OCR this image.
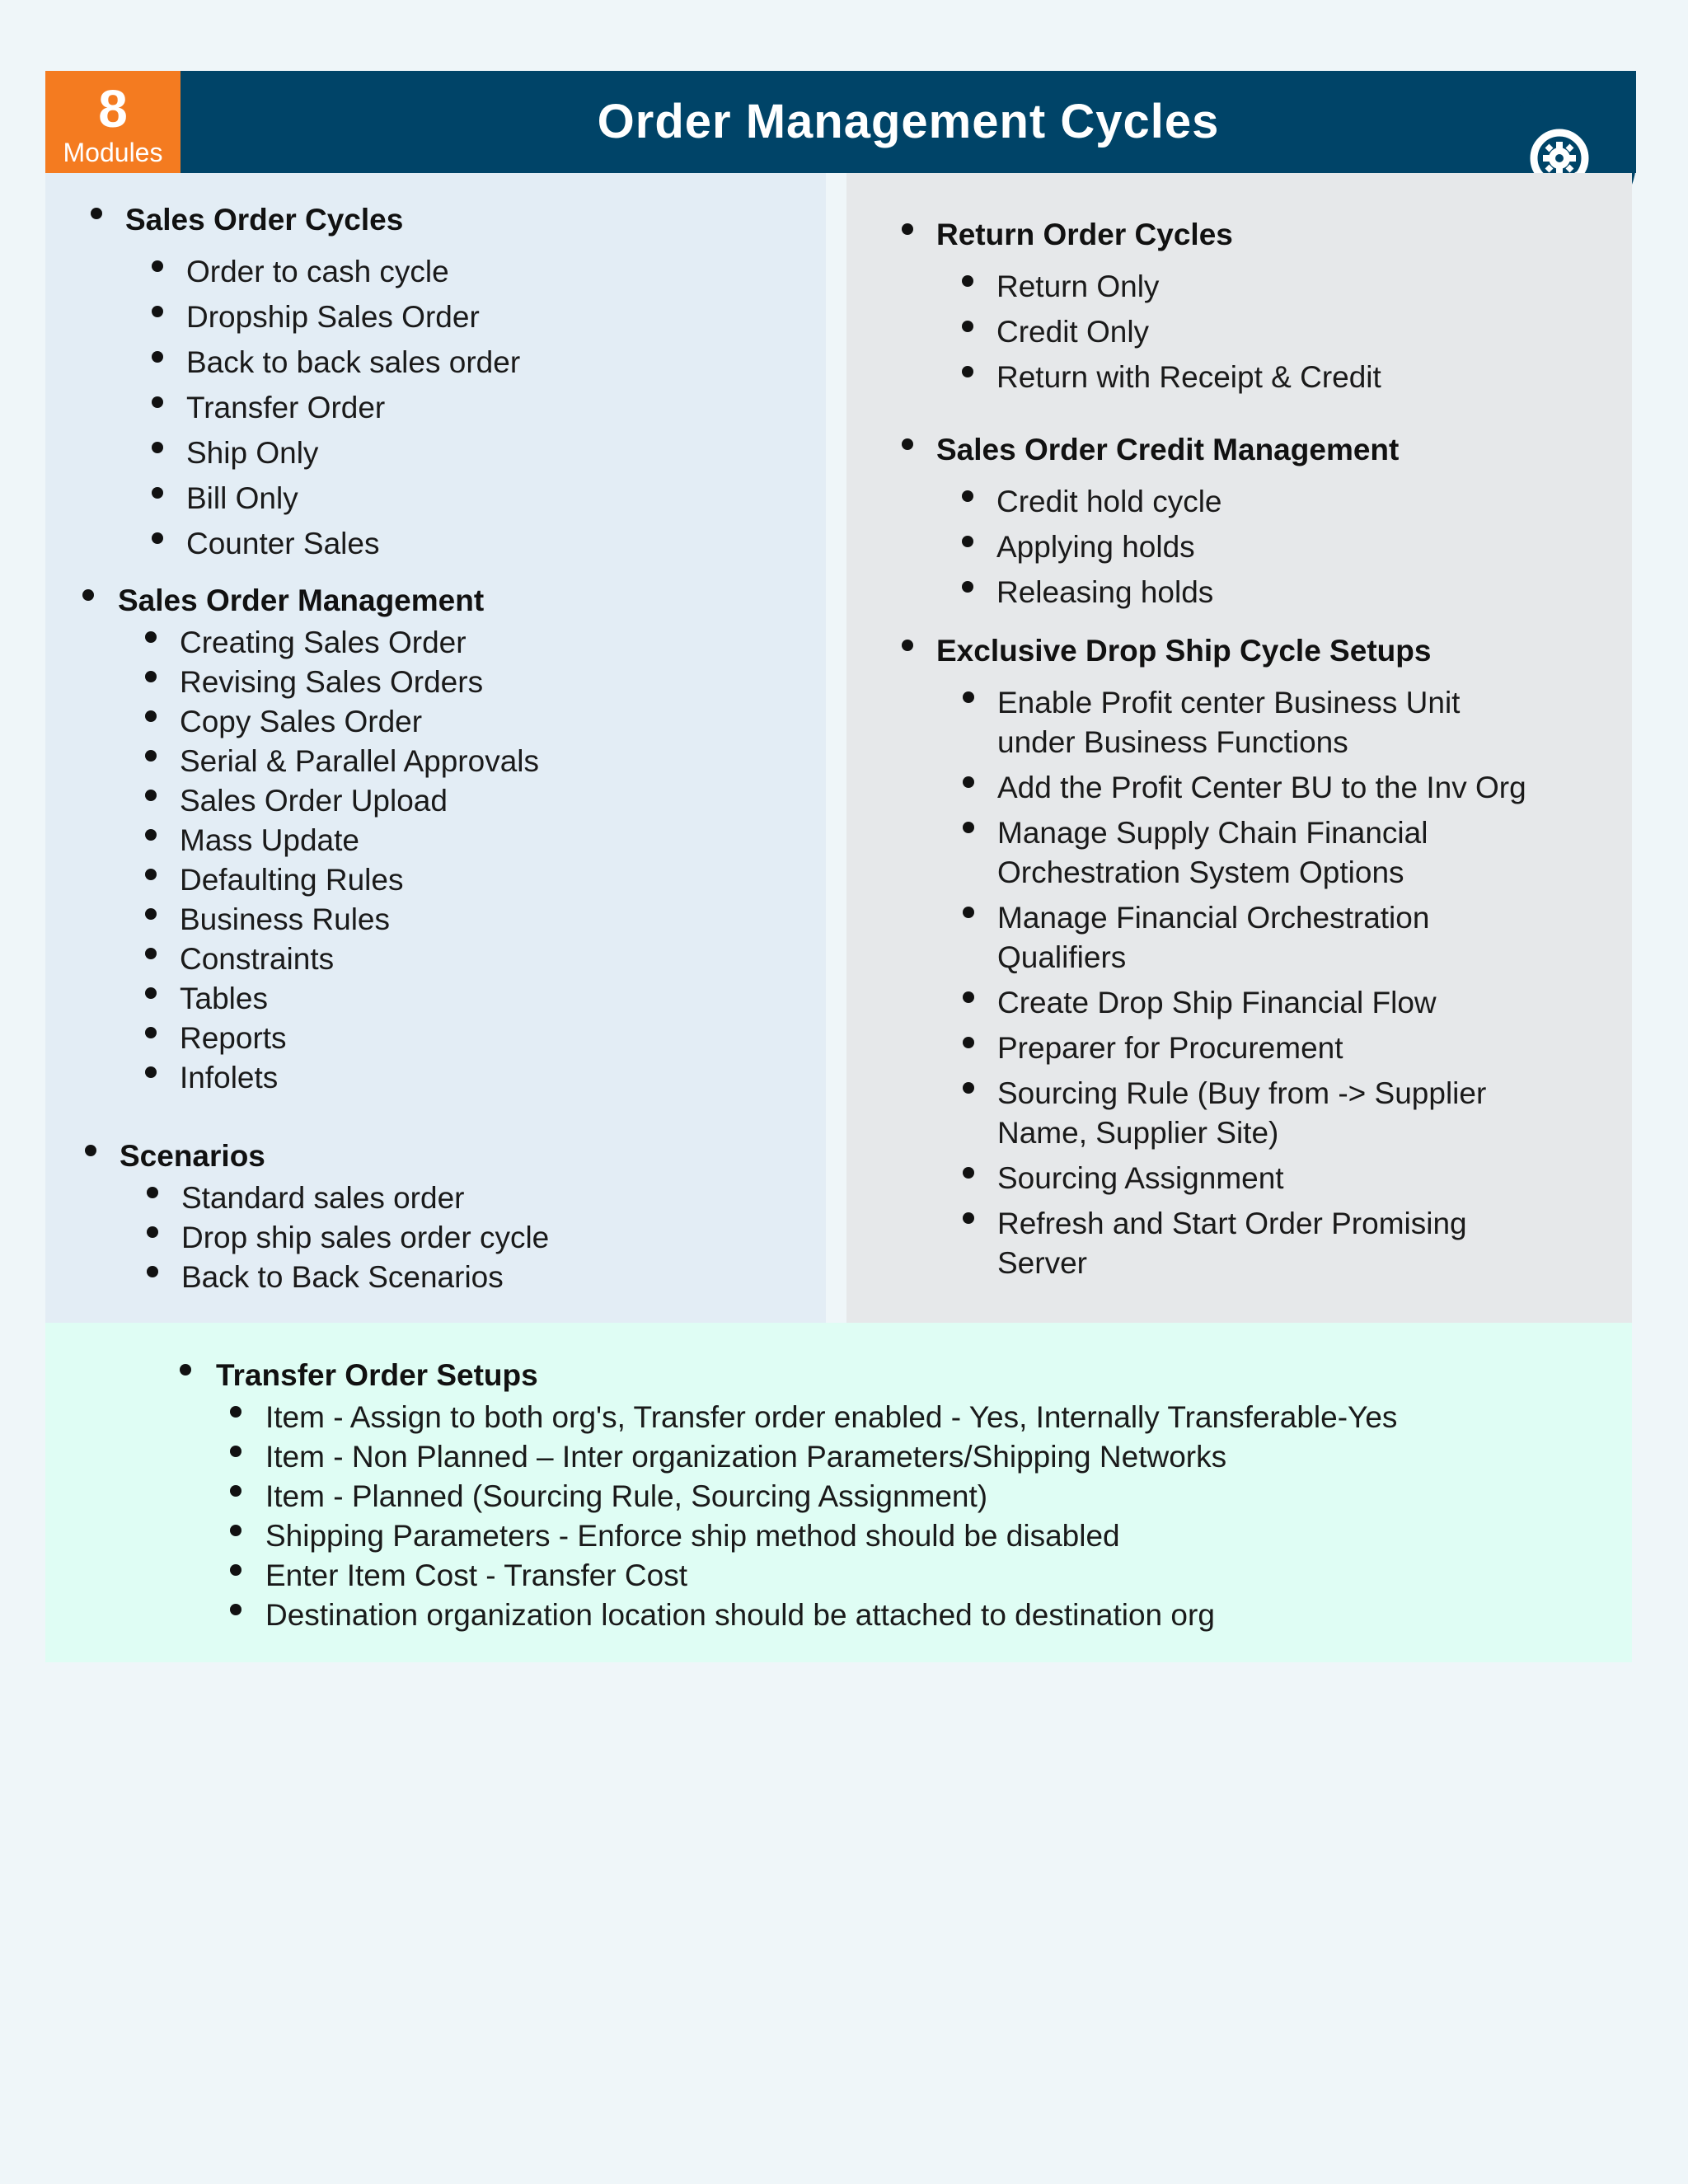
8
Modules
Order Management Cycles
Sales Order Cycles
Order to cash cycle
Dropship Sales Order
Back to back sales order
Transfer Order
Ship Only
Bill Only
Counter Sales
Sales Order Management
Creating Sales Order
Revising Sales Orders
Copy Sales Order
Serial & Parallel Approvals
Sales Order Upload
Mass Update
Defaulting Rules
Business Rules
Constraints
Tables
Reports
Infolets
Scenarios
Standard sales order
Drop ship sales order cycle
Back to Back Scenarios
Return Order Cycles
Return Only
Credit Only
Return with Receipt & Credit
Sales Order Credit Management
Credit hold cycle
Applying holds
Releasing holds
Exclusive Drop Ship Cycle Setups
Enable Profit center Business Unit
under Business Functions
Add the Profit Center BU to the Inv Org
Manage Supply Chain Financial
Orchestration System Options
Manage Financial Orchestration
Qualifiers
Create Drop Ship Financial Flow
Preparer for Procurement
Sourcing Rule (Buy from -> Supplier
Name, Supplier Site)
Sourcing Assignment
Refresh and Start Order Promising
Server
Transfer Order Setups
Item - Assign to both org's, Transfer order enabled - Yes, Internally Transferable-Yes
Item - Non Planned – Inter organization Parameters/Shipping Networks
Item - Planned (Sourcing Rule, Sourcing Assignment)
Shipping Parameters - Enforce ship method should be disabled
Enter Item Cost - Transfer Cost
Destination organization location should be attached to destination org
